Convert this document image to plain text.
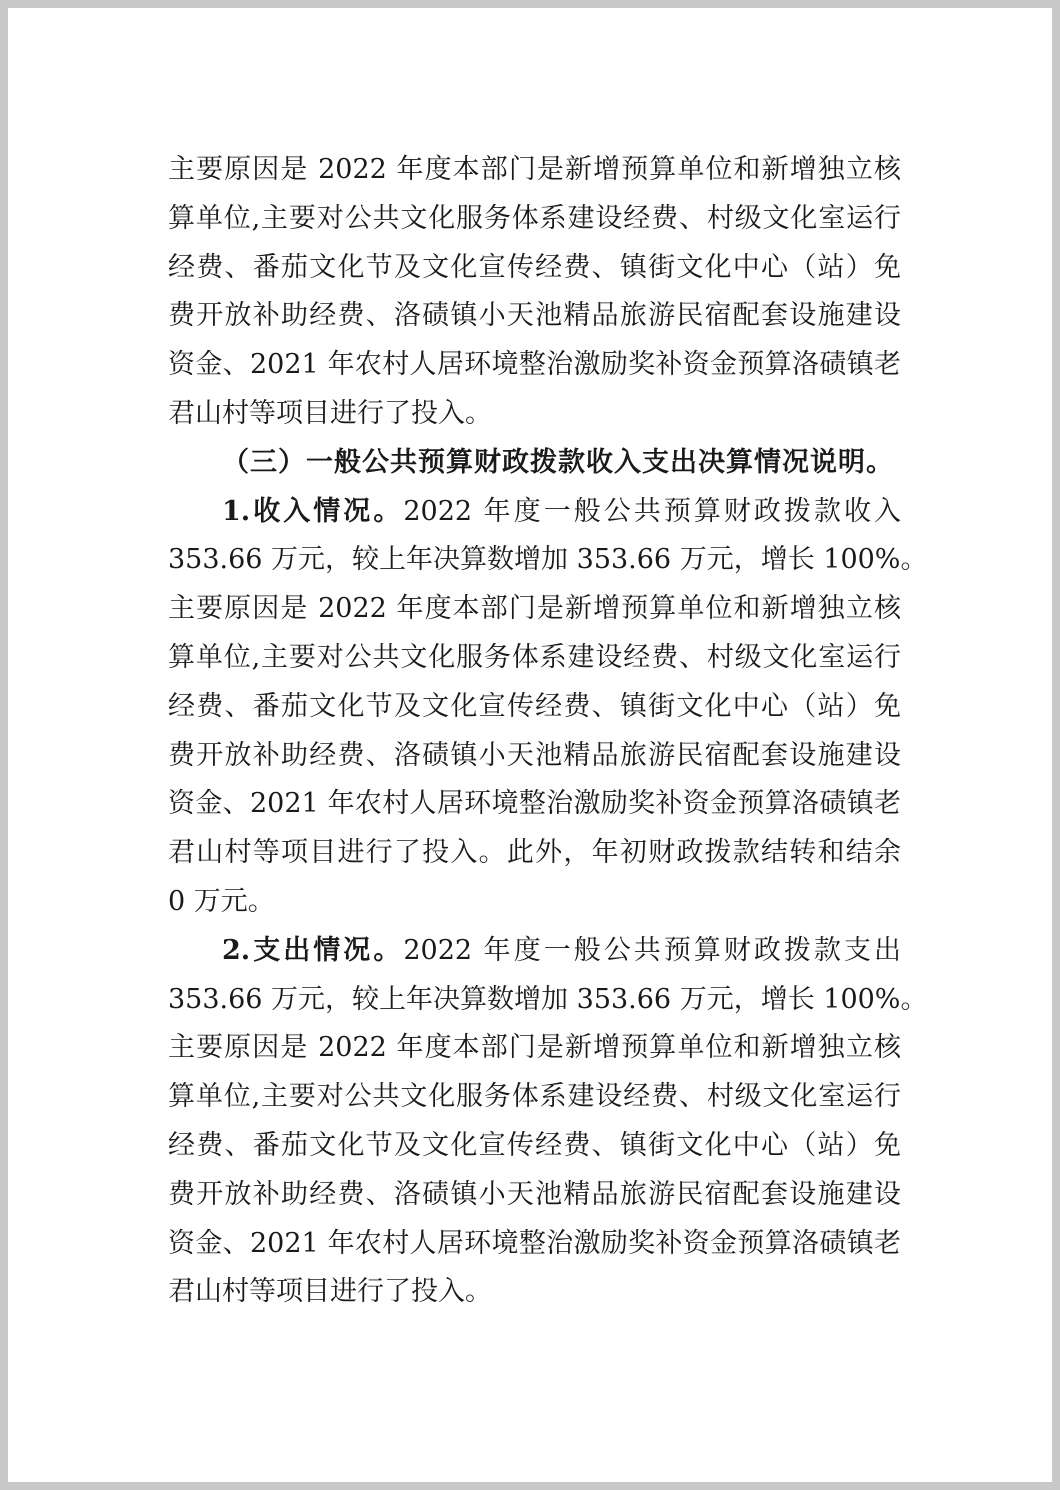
主要原因是 2022 年度本部门是新增预算单位和新增独立核
算单位,主要对公共文化服务体系建设经费、村级文化室运行
经费、番茄文化节及文化宣传经费、镇街文化中心（站）免
费开放补助经费、洛碛镇小天池精品旅游民宿配套设施建设
资金、2021 年农村人居环境整治激励奖补资金预算洛碛镇老
君山村等项目进行了投入。
（三）一般公共预算财政拨款收入支出决算情况说明。
1.收入情况。2022 年度一般公共预算财政拨款收入
353.66 万元，较上年决算数增加 353.66 万元，增长 100%。
主要原因是 2022 年度本部门是新增预算单位和新增独立核
算单位,主要对公共文化服务体系建设经费、村级文化室运行
经费、番茄文化节及文化宣传经费、镇街文化中心（站）免
费开放补助经费、洛碛镇小天池精品旅游民宿配套设施建设
资金、2021 年农村人居环境整治激励奖补资金预算洛碛镇老
君山村等项目进行了投入。此外，年初财政拨款结转和结余
0 万元。
2.支出情况。2022 年度一般公共预算财政拨款支出
353.66 万元，较上年决算数增加 353.66 万元，增长 100%。
主要原因是 2022 年度本部门是新增预算单位和新增独立核
算单位,主要对公共文化服务体系建设经费、村级文化室运行
经费、番茄文化节及文化宣传经费、镇街文化中心（站）免
费开放补助经费、洛碛镇小天池精品旅游民宿配套设施建设
资金、2021 年农村人居环境整治激励奖补资金预算洛碛镇老
君山村等项目进行了投入。
